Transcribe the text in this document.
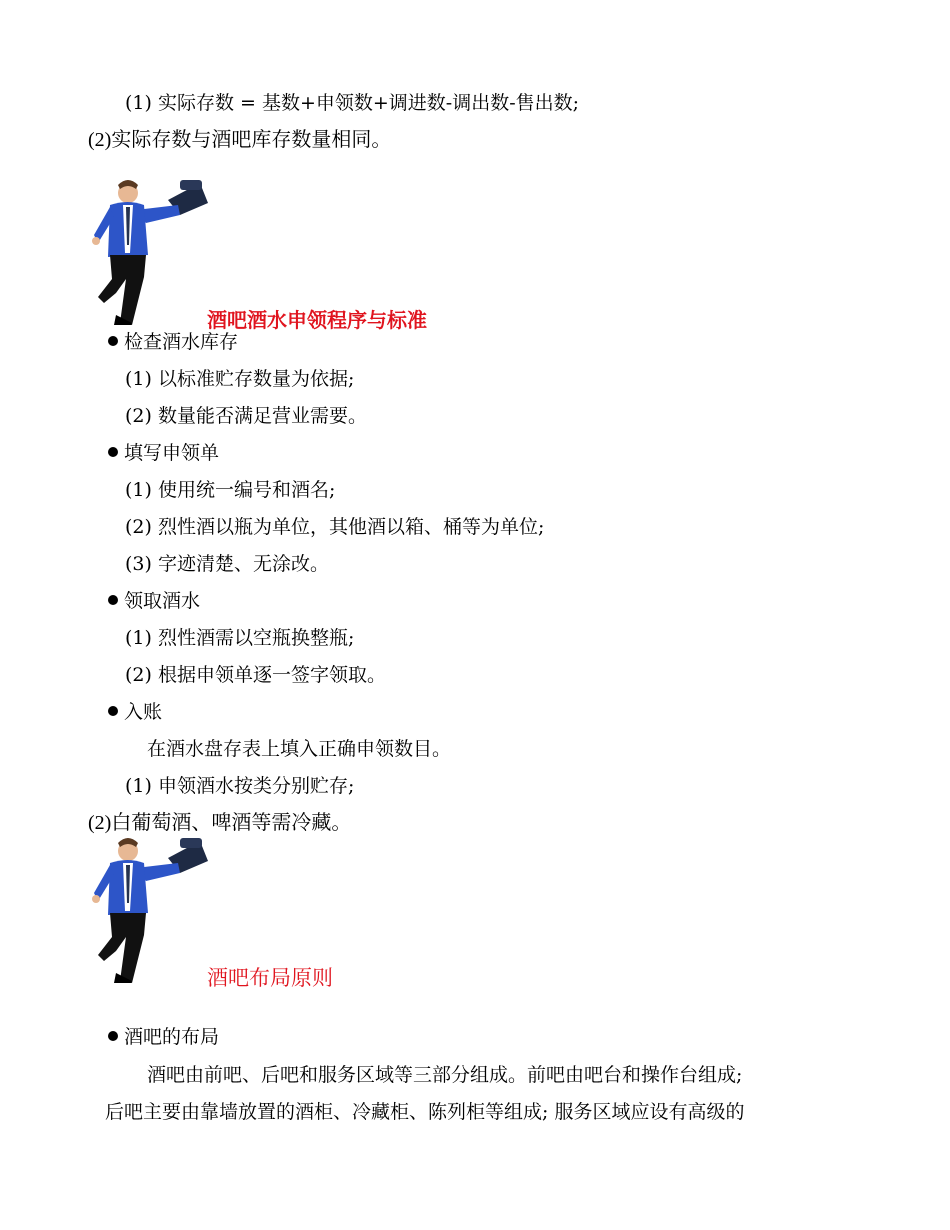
(1) 实际存数 = 基数+申领数+调进数-调出数-售出数;
(2)实际存数与酒吧库存数量相同。
酒吧酒水申领程序与标准
检查酒水库存
(1) 以标准贮存数量为依据;
(2) 数量能否满足营业需要。
填写申领单
(1) 使用统一编号和酒名;
(2) 烈性酒以瓶为单位，其他酒以箱、桶等为单位;
(3) 字迹清楚、无涂改。
领取酒水
(1) 烈性酒需以空瓶换整瓶;
(2) 根据申领单逐一签字领取。
入账
在酒水盘存表上填入正确申领数目。
(1) 申领酒水按类分别贮存;
(2)白葡萄酒、啤酒等需冷藏。
酒吧布局原则
酒吧的布局
酒吧由前吧、后吧和服务区域等三部分组成。前吧由吧台和操作台组成;
后吧主要由靠墙放置的酒柜、冷藏柜、陈列柜等组成; 服务区域应设有高级的
